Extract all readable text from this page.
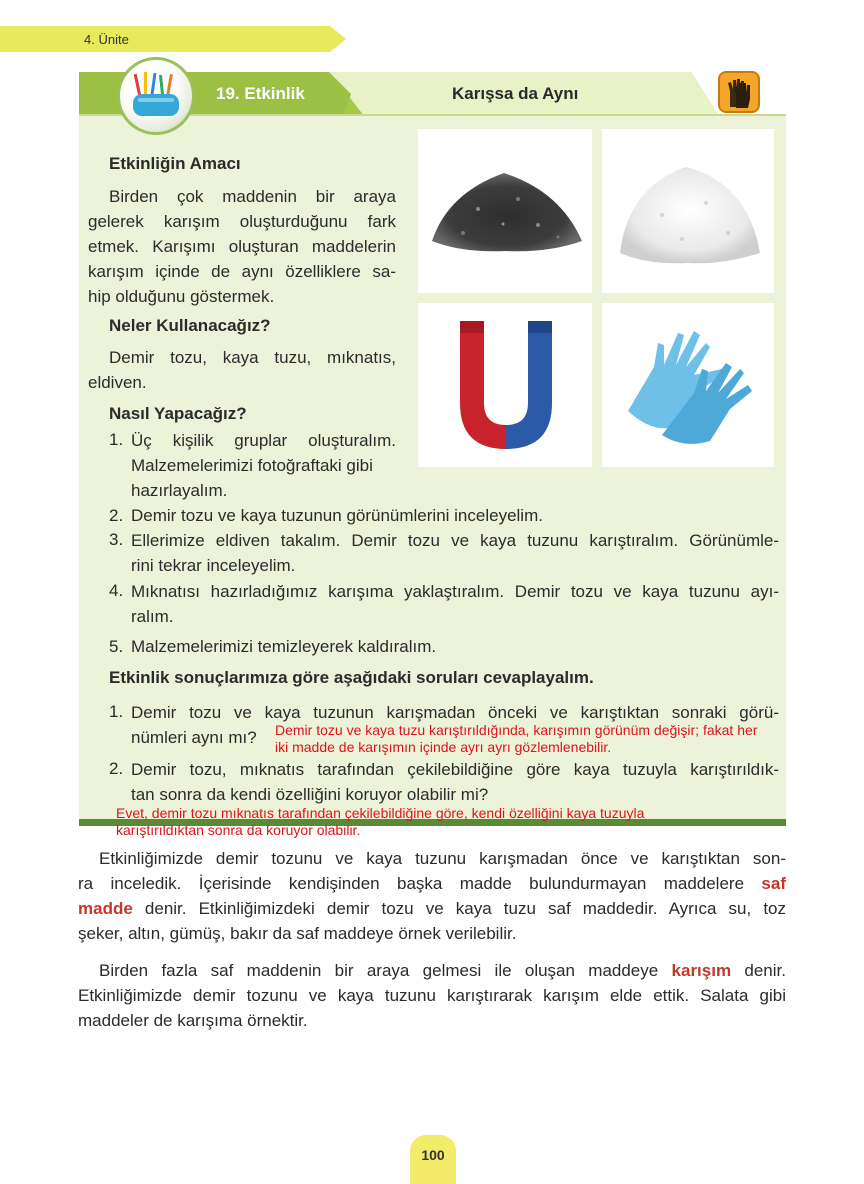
4. Ünite
19. Etkinlik	Karışsa da Aynı
Etkinliğin Amacı
Birden çok maddenin bir araya
gelerek karışım oluşturduğunu fark
etmek. Karışımı oluşturan maddelerin
karışım içinde de aynı özelliklere sa-
hip olduğunu göstermek.
Neler Kullanacağız?
Demir tozu, kaya tuzu, mıknatıs,
eldiven.
Nasıl Yapacağız?
1. Üç kişilik gruplar oluşturalım.
Malzemelerimizi fotoğraftaki gibi
hazırlayalım.
2. Demir tozu ve kaya tuzunun görünümlerini inceleyelim.
3. Ellerimize eldiven takalım. Demir tozu ve kaya tuzunu karıştıralım. Görünümle-
rini tekrar inceleyelim.
4. Mıknatısı hazırladığımız karışıma yaklaştıralım. Demir tozu ve kaya tuzunu ayı-
ralım.
5. Malzemelerimizi temizleyerek kaldıralım.
Etkinlik sonuçlarımıza göre aşağıdaki soruları cevaplayalım.
1. Demir tozu ve kaya tuzunun karışmadan önceki ve karıştıktan sonraki görü-
nümleri aynı mı?	Demir tozu ve kaya tuzu karıştırıldığında, karışımın görünüm değişir; fakat her
iki madde de karışımın içinde ayrı ayrı gözlemlenebilir.
2. Demir tozu, mıknatıs tarafından çekilebildiğine göre kaya tuzuyla karıştırıldık-
tan sonra da kendi özelliğini koruyor olabilir mi?
Evet, demir tozu mıknatıs tarafından çekilebildiğine göre, kendi özelliğini kaya tuzuyla
karıştırıldıktan sonra da koruyor olabilir.
Etkinliğimizde demir tozunu ve kaya tuzunu karışmadan önce ve karıştıktan son-
ra inceledik. İçerisinde kendişinden başka madde bulundurmayan maddelere saf
madde denir. Etkinliğimizdeki demir tozu ve kaya tuzu saf maddedir. Ayrıca su, toz
şeker, altın, gümüş, bakır da saf maddeye örnek verilebilir.
Birden fazla saf maddenin bir araya gelmesi ile oluşan maddeye karışım denir.
Etkinliğimizde demir tozunu ve kaya tuzunu karıştırarak karışım elde ettik. Salata gibi
maddeler de karışıma örnektir.
100
